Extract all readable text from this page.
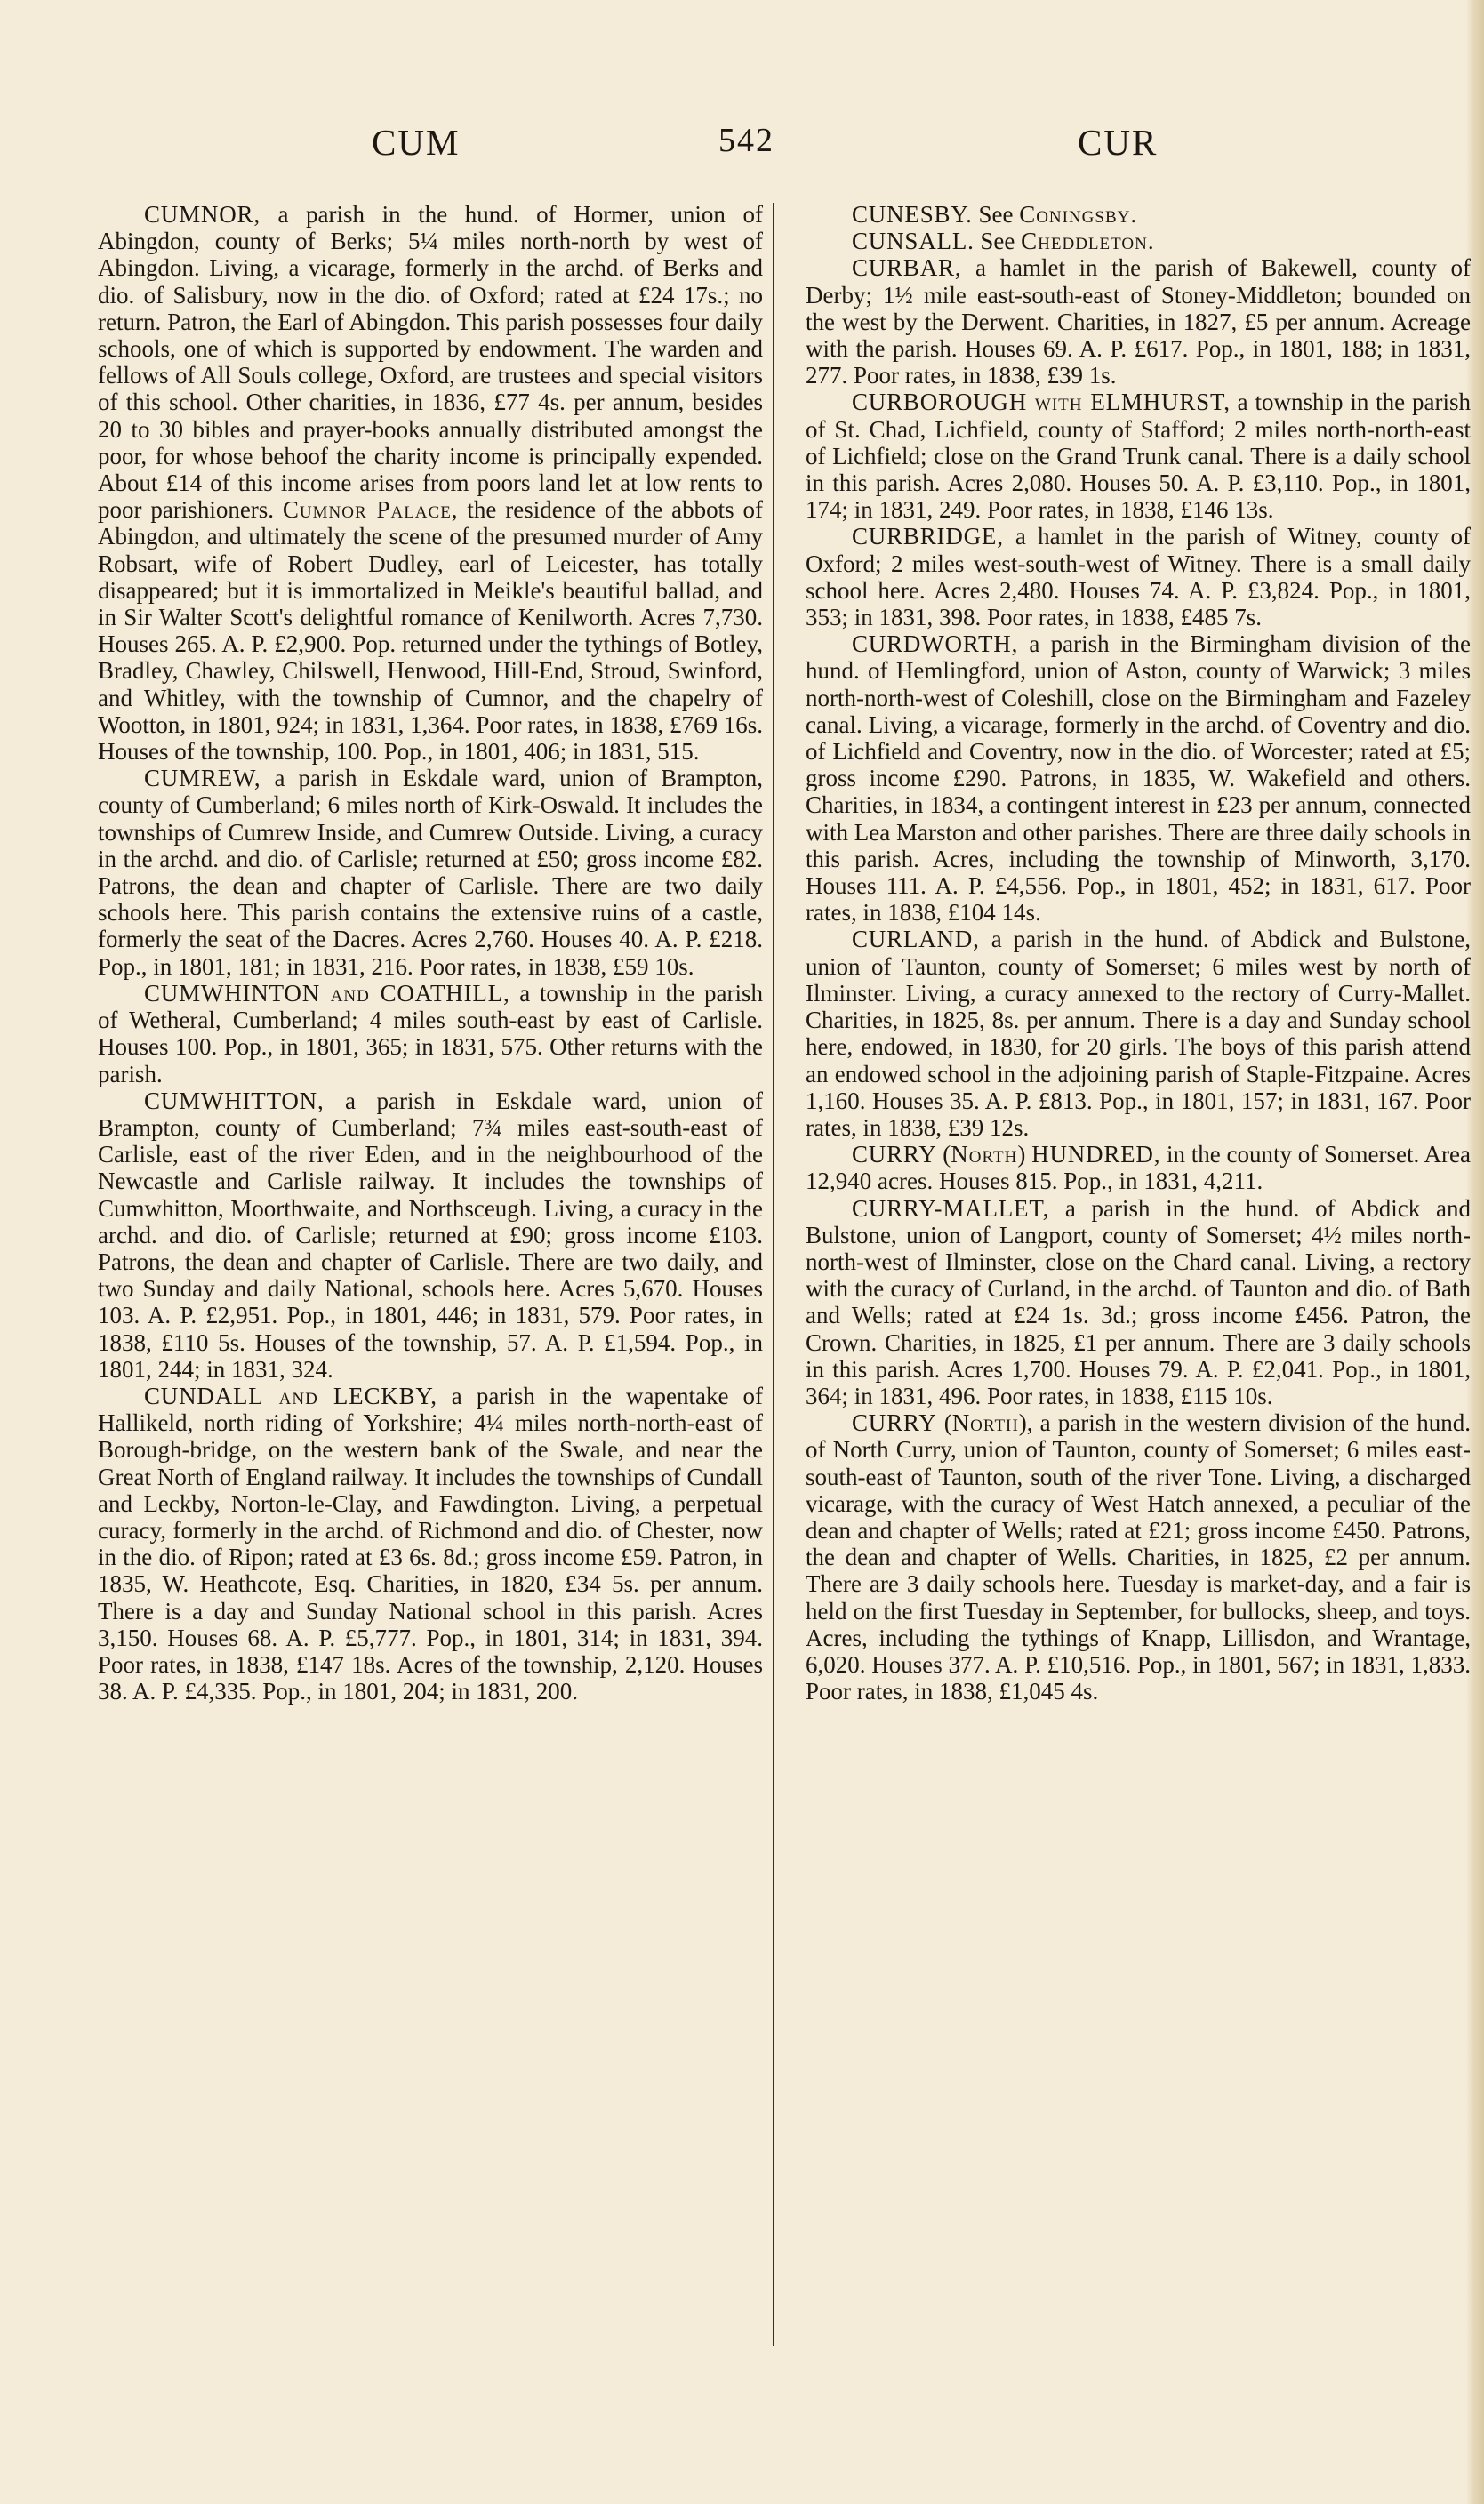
CUM	542	CUR

CUMNOR, a parish in the hund. of Hormer, union of Abingdon, county of Berks; 5¼ miles north-north by west of Abingdon. Living, a vicarage, formerly in the archd. of Berks and dio. of Salisbury, now in the dio. of Oxford; rated at £24 17s.; no return. Patron, the Earl of Abingdon. This parish possesses four daily schools, one of which is supported by endowment. The warden and fellows of All Souls college, Oxford, are trustees and special visitors of this school. Other charities, in 1836, £77 4s. per annum, besides 20 to 30 bibles and prayer-books annually distributed amongst the poor, for whose behoof the charity income is principally expended. About £14 of this income arises from poors land let at low rents to poor parishioners. Cumnor Palace, the residence of the abbots of Abingdon, and ultimately the scene of the presumed murder of Amy Robsart, wife of Robert Dudley, earl of Leicester, has totally disappeared; but it is immortalized in Meikle's beautiful ballad, and in Sir Walter Scott's delightful romance of Kenilworth. Acres 7,730. Houses 265. A. P. £2,900. Pop. returned under the tythings of Botley, Bradley, Chawley, Chilswell, Henwood, Hill-End, Stroud, Swinford, and Whitley, with the township of Cumnor, and the chapelry of Wootton, in 1801, 924; in 1831, 1,364. Poor rates, in 1838, £769 16s. Houses of the township, 100. Pop., in 1801, 406; in 1831, 515.

CUMREW, a parish in Eskdale ward, union of Brampton, county of Cumberland; 6 miles north of Kirk-Oswald. It includes the townships of Cumrew Inside, and Cumrew Outside. Living, a curacy in the archd. and dio. of Carlisle; returned at £50; gross income £82. Patrons, the dean and chapter of Carlisle. There are two daily schools here. This parish contains the extensive ruins of a castle, formerly the seat of the Dacres. Acres 2,760. Houses 40. A. P. £218. Pop., in 1801, 181; in 1831, 216. Poor rates, in 1838, £59 10s.

CUMWHINTON and COATHILL, a township in the parish of Wetheral, Cumberland; 4 miles south-east by east of Carlisle. Houses 100. Pop., in 1801, 365; in 1831, 575. Other returns with the parish.

CUMWHITTON, a parish in Eskdale ward, union of Brampton, county of Cumberland; 7¾ miles east-south-east of Carlisle, east of the river Eden, and in the neighbourhood of the Newcastle and Carlisle railway. It includes the townships of Cumwhitton, Moorthwaite, and Northsceugh. Living, a curacy in the archd. and dio. of Carlisle; returned at £90; gross income £103. Patrons, the dean and chapter of Carlisle. There are two daily, and two Sunday and daily National, schools here. Acres 5,670. Houses 103. A. P. £2,951. Pop., in 1801, 446; in 1831, 579. Poor rates, in 1838, £110 5s. Houses of the township, 57. A. P. £1,594. Pop., in 1801, 244; in 1831, 324.

CUNDALL and LECKBY, a parish in the wapentake of Hallikeld, north riding of Yorkshire; 4¼ miles north-north-east of Borough-bridge, on the western bank of the Swale, and near the Great North of England railway. It includes the townships of Cundall and Leckby, Norton-le-Clay, and Fawdington. Living, a perpetual curacy, formerly in the archd. of Richmond and dio. of Chester, now in the dio. of Ripon; rated at £3 6s. 8d.; gross income £59. Patron, in 1835, W. Heathcote, Esq. Charities, in 1820, £34 5s. per annum. There is a day and Sunday National school in this parish. Acres 3,150. Houses 68. A. P. £5,777. Pop., in 1801, 314; in 1831, 394. Poor rates, in 1838, £147 18s. Acres of the township, 2,120. Houses 38. A. P. £4,335. Pop., in 1801, 204; in 1831, 200.

CUNESBY. See Coningsby.

CUNSALL. See Cheddleton.

CURBAR, a hamlet in the parish of Bakewell, county of Derby; 1½ mile east-south-east of Stoney-Middleton; bounded on the west by the Derwent. Charities, in 1827, £5 per annum. Acreage with the parish. Houses 69. A. P. £617. Pop., in 1801, 188; in 1831, 277. Poor rates, in 1838, £39 1s.

CURBOROUGH with ELMHURST, a township in the parish of St. Chad, Lichfield, county of Stafford; 2 miles north-north-east of Lichfield; close on the Grand Trunk canal. There is a daily school in this parish. Acres 2,080. Houses 50. A. P. £3,110. Pop., in 1801, 174; in 1831, 249. Poor rates, in 1838, £146 13s.

CURBRIDGE, a hamlet in the parish of Witney, county of Oxford; 2 miles west-south-west of Witney. There is a small daily school here. Acres 2,480. Houses 74. A. P. £3,824. Pop., in 1801, 353; in 1831, 398. Poor rates, in 1838, £485 7s.

CURDWORTH, a parish in the Birmingham division of the hund. of Hemlingford, union of Aston, county of Warwick; 3 miles north-north-west of Coleshill, close on the Birmingham and Fazeley canal. Living, a vicarage, formerly in the archd. of Coventry and dio. of Lichfield and Coventry, now in the dio. of Worcester; rated at £5; gross income £290. Patrons, in 1835, W. Wakefield and others. Charities, in 1834, a contingent interest in £23 per annum, connected with Lea Marston and other parishes. There are three daily schools in this parish. Acres, including the township of Minworth, 3,170. Houses 111. A. P. £4,556. Pop., in 1801, 452; in 1831, 617. Poor rates, in 1838, £104 14s.

CURLAND, a parish in the hund. of Abdick and Bulstone, union of Taunton, county of Somerset; 6 miles west by north of Ilminster. Living, a curacy annexed to the rectory of Curry-Mallet. Charities, in 1825, 8s. per annum. There is a day and Sunday school here, endowed, in 1830, for 20 girls. The boys of this parish attend an endowed school in the adjoining parish of Staple-Fitzpaine. Acres 1,160. Houses 35. A. P. £813. Pop., in 1801, 157; in 1831, 167. Poor rates, in 1838, £39 12s.

CURRY (North) HUNDRED, in the county of Somerset. Area 12,940 acres. Houses 815. Pop., in 1831, 4,211.

CURRY-MALLET, a parish in the hund. of Abdick and Bulstone, union of Langport, county of Somerset; 4½ miles north-north-west of Ilminster, close on the Chard canal. Living, a rectory with the curacy of Curland, in the archd. of Taunton and dio. of Bath and Wells; rated at £24 1s. 3d.; gross income £456. Patron, the Crown. Charities, in 1825, £1 per annum. There are 3 daily schools in this parish. Acres 1,700. Houses 79. A. P. £2,041. Pop., in 1801, 364; in 1831, 496. Poor rates, in 1838, £115 10s.

CURRY (North), a parish in the western division of the hund. of North Curry, union of Taunton, county of Somerset; 6 miles east-south-east of Taunton, south of the river Tone. Living, a discharged vicarage, with the curacy of West Hatch annexed, a peculiar of the dean and chapter of Wells; rated at £21; gross income £450. Patrons, the dean and chapter of Wells. Charities, in 1825, £2 per annum. There are 3 daily schools here. Tuesday is market-day, and a fair is held on the first Tuesday in September, for bullocks, sheep, and toys. Acres, including the tythings of Knapp, Lillisdon, and Wrantage, 6,020. Houses 377. A. P. £10,516. Pop., in 1801, 567; in 1831, 1,833. Poor rates, in 1838, £1,045 4s.
